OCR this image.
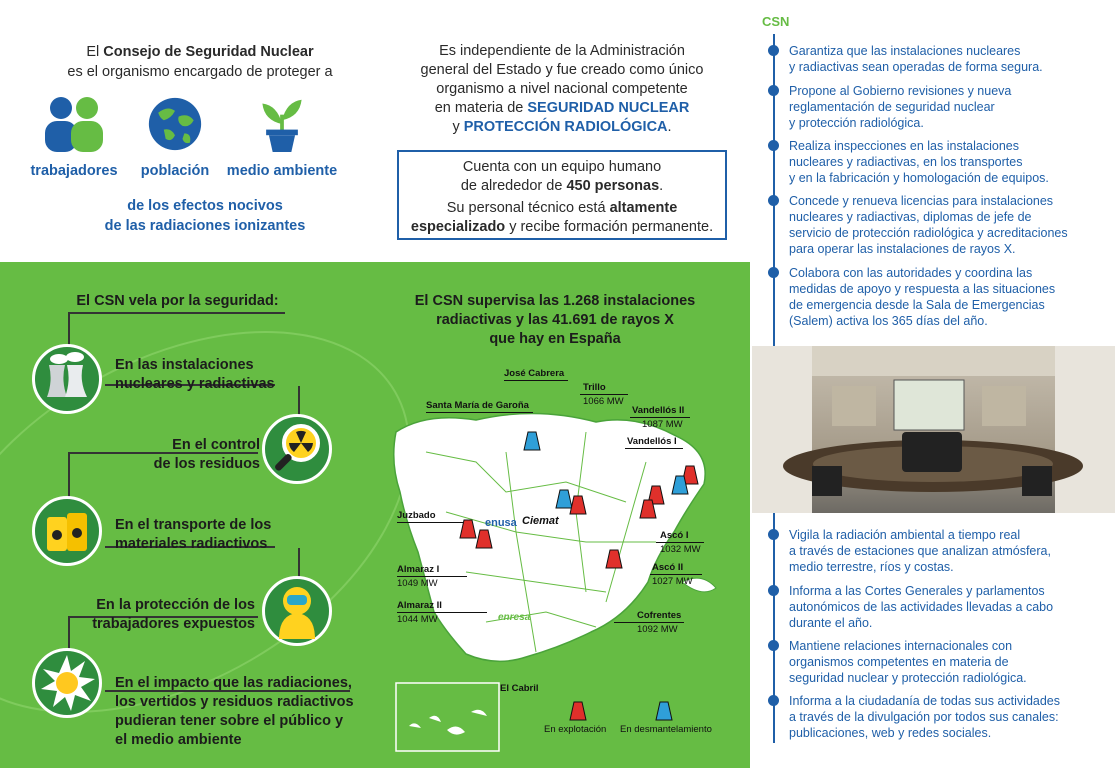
El Consejo de Seguridad Nuclear
es el organismo encargado de proteger a
trabajadores	población	medio ambiente
de los efectos nocivos
de las radiaciones ionizantes
Es independiente de la Administración
general del Estado y fue creado como único
organismo a nivel nacional competente
en materia de SEGURIDAD NUCLEAR
y PROTECCIÓN RADIOLÓGICA.
Cuenta con un equipo humano
de alrededor de 450 personas.
Su personal técnico está altamente
especializado y recibe formación permanente.
El CSN vela por la seguridad:
En las instalaciones
nucleares y radiactivas
En el control
de los residuos
En el transporte de los
materiales radiactivos
En la protección de los
trabajadores expuestos
En el impacto que las radiaciones,
los vertidos y residuos radiactivos
pudieran tener sobre el público y
el medio ambiente
El CSN supervisa las 1.268 instalaciones
radiactivas y las 41.691 de rayos X
que hay en España
José Cabrera
Santa María de Garoña
Trillo
1066 MW
Vandellós II
1087 MW
Vandellós I
Juzbado
Ascó I
1032 MW
Ascó II
1027 MW
Almaraz I
1049 MW
Almaraz II
1044 MW	Cofrentes
1092 MW
El Cabril
enusa Ciemat
enresa
En explotación En desmantelamiento
CSN
Garantiza que las instalaciones nucleares
y radiactivas sean operadas de forma segura.
Propone al Gobierno revisiones y nueva
reglamentación de seguridad nuclear
y protección radiológica.
Realiza inspecciones en las instalaciones
nucleares y radiactivas, en los transportes
y en la fabricación y homologación de equipos.
Concede y renueva licencias para instalaciones
nucleares y radiactivas, diplomas de jefe de
servicio de protección radiológica y acreditaciones
para operar las instalaciones de rayos X.
Colabora con las autoridades y coordina las
medidas de apoyo y respuesta a las situaciones
de emergencia desde la Sala de Emergencias
(Salem) activa los 365 días del año.
Vigila la radiación ambiental a tiempo real
a través de estaciones que analizan atmósfera,
medio terrestre, ríos y costas.
Informa a las Cortes Generales y parlamentos
autonómicos de las actividades llevadas a cabo
durante el año.
Mantiene relaciones internacionales con
organismos competentes en materia de
seguridad nuclear y protección radiológica.
Informa a la ciudadanía de todas sus actividades
a través de la divulgación por todos sus canales:
publicaciones, web y redes sociales.
